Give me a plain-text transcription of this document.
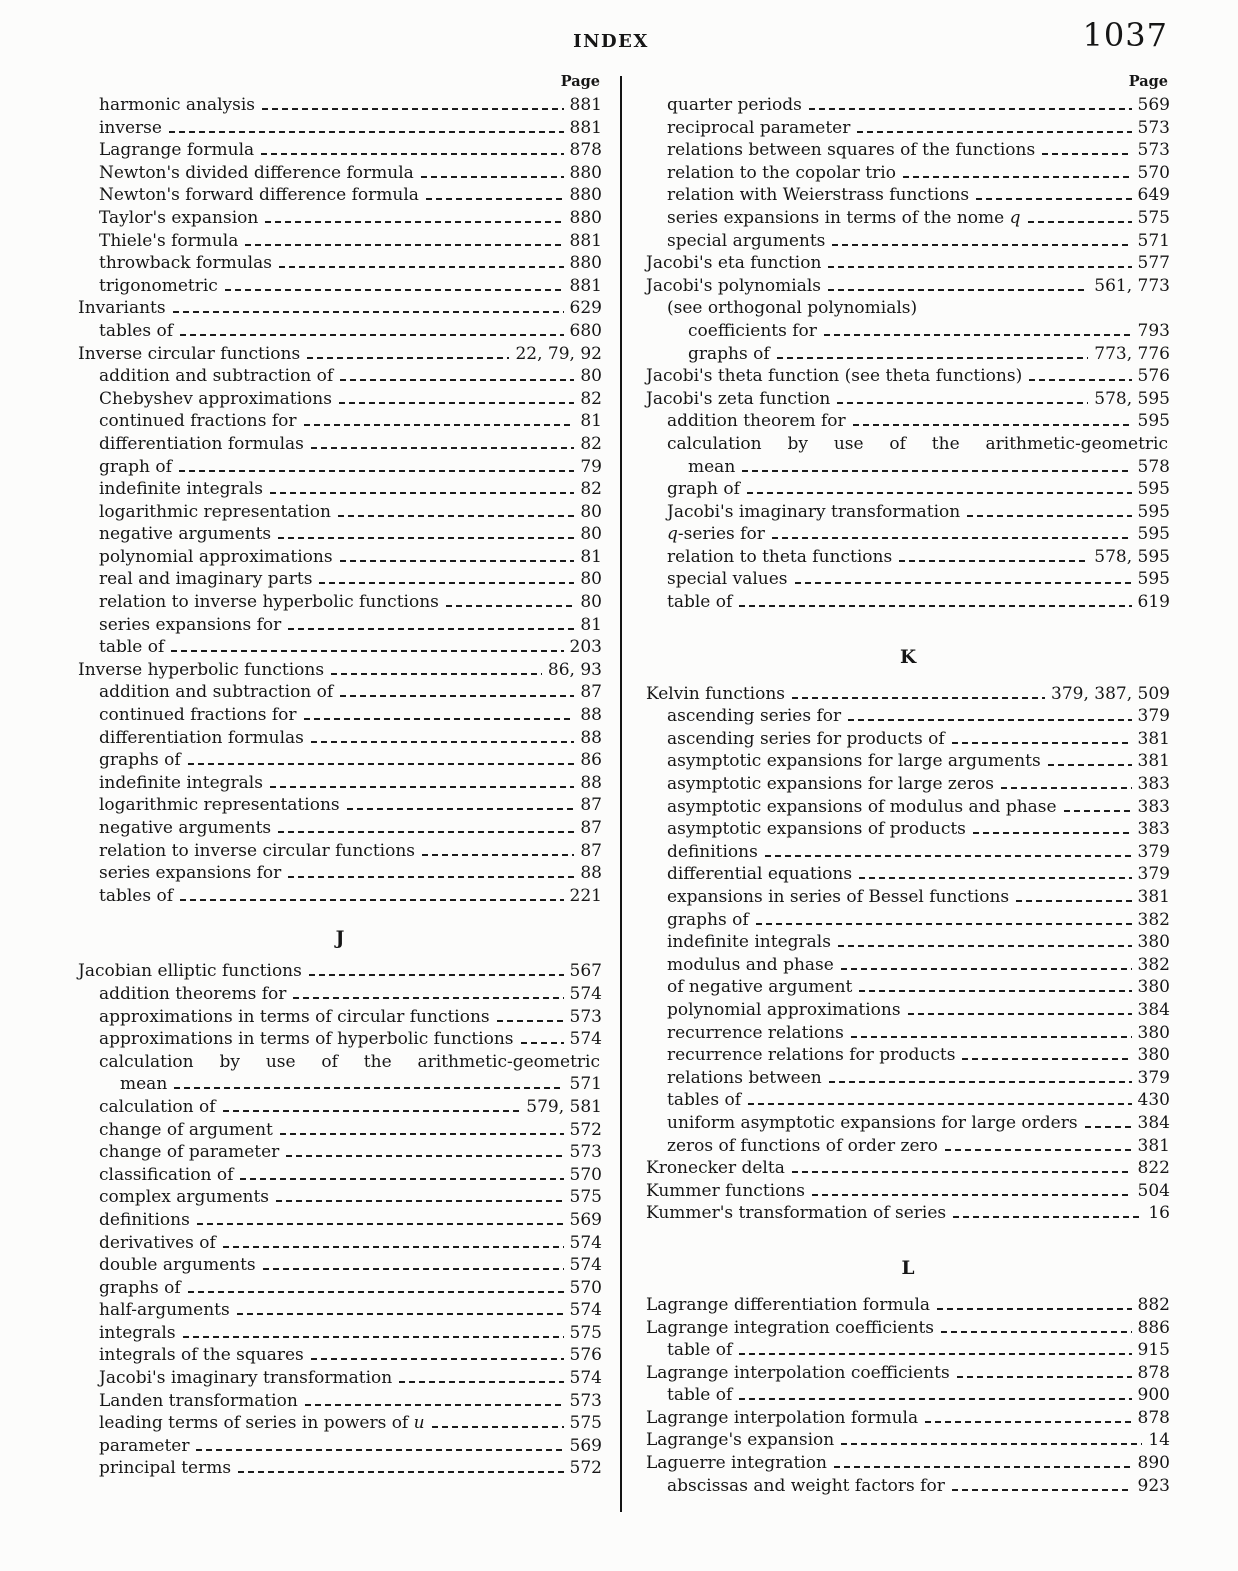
INDEX	1037
Page
harmonic analysis	881
inverse	881
Lagrange formula	878
Newton's divided difference formula	880
Newton's forward difference formula	880
Taylor's expansion	880
Thiele's formula	881
throwback formulas	880
trigonometric	881
Invariants	629
tables of	680
Inverse circular functions	22, 79, 92
addition and subtraction of	80
Chebyshev approximations	82
continued fractions for	81
differentiation formulas	82
graph of	79
indefinite integrals	82
logarithmic representation	80
negative arguments	80
polynomial approximations	81
real and imaginary parts	80
relation to inverse hyperbolic functions	80
series expansions for	81
table of	203
Inverse hyperbolic functions	86, 93
addition and subtraction of	87
continued fractions for	88
differentiation formulas	88
graphs of	86
indefinite integrals	88
logarithmic representations	87
negative arguments	87
relation to inverse circular functions	87
series expansions for	88
tables of	221
J
Jacobian elliptic functions	567
addition theorems for	574
approximations in terms of circular functions	573
approximations in terms of hyperbolic functions	574
calculation by use of the arithmetic-geometric
mean	571
calculation of	579, 581
change of argument	572
change of parameter	573
classification of	570
complex arguments	575
definitions	569
derivatives of	574
double arguments	574
graphs of	570
half-arguments	574
integrals	575
integrals of the squares	576
Jacobi's imaginary transformation	574
Landen transformation	573
leading terms of series in powers of u	575
parameter	569
principal terms	572
Page
quarter periods	569
reciprocal parameter	573
relations between squares of the functions	573
relation to the copolar trio	570
relation with Weierstrass functions	649
series expansions in terms of the nome q	575
special arguments	571
Jacobi's eta function	577
Jacobi's polynomials	561, 773
(see orthogonal polynomials)
coefficients for	793
graphs of	773, 776
Jacobi's theta function (see theta functions)	576
Jacobi's zeta function	578, 595
addition theorem for	595
calculation by use of the arithmetic-geometric
mean	578
graph of	595
Jacobi's imaginary transformation	595
q-series for	595
relation to theta functions	578, 595
special values	595
table of	619
K
Kelvin functions	379, 387, 509
ascending series for	379
ascending series for products of	381
asymptotic expansions for large arguments	381
asymptotic expansions for large zeros	383
asymptotic expansions of modulus and phase	383
asymptotic expansions of products	383
definitions	379
differential equations	379
expansions in series of Bessel functions	381
graphs of	382
indefinite integrals	380
modulus and phase	382
of negative argument	380
polynomial approximations	384
recurrence relations	380
recurrence relations for products	380
relations between	379
tables of	430
uniform asymptotic expansions for large orders	384
zeros of functions of order zero	381
Kronecker delta	822
Kummer functions	504
Kummer's transformation of series	16
L
Lagrange differentiation formula	882
Lagrange integration coefficients	886
table of	915
Lagrange interpolation coefficients	878
table of	900
Lagrange interpolation formula	878
Lagrange's expansion	14
Laguerre integration	890
abscissas and weight factors for	923
